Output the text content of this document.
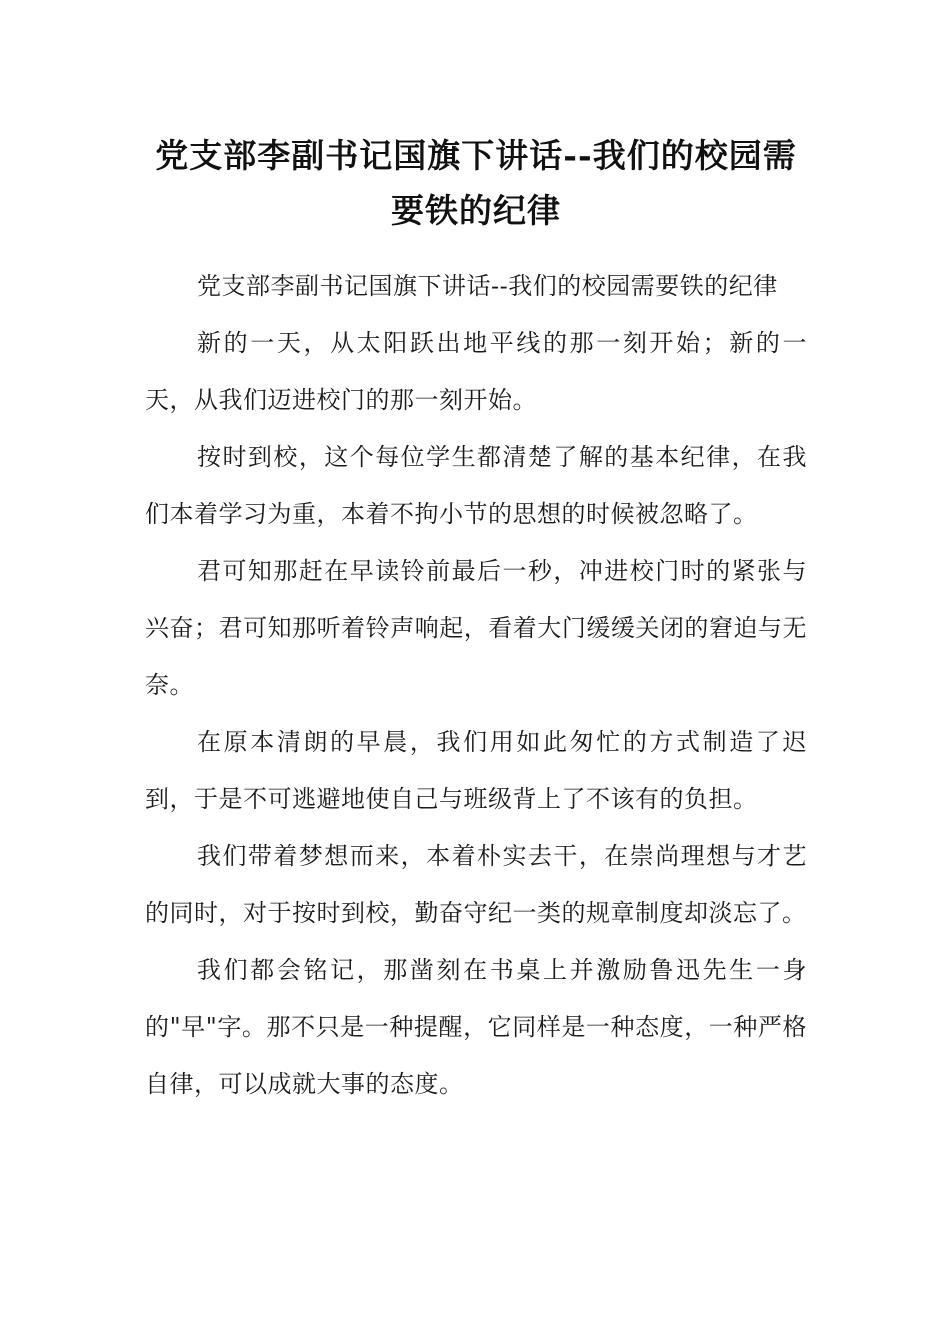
党支部李副书记国旗下讲话--我们的校园需要铁的纪律

党支部李副书记国旗下讲话--我们的校园需要铁的纪律

新的一天，从太阳跃出地平线的那一刻开始；新的一天，从我们迈进校门的那一刻开始。

按时到校，这个每位学生都清楚了解的基本纪律，在我们本着学习为重，本着不拘小节的思想的时候被忽略了。

君可知那赶在早读铃前最后一秒，冲进校门时的紧张与兴奋；君可知那听着铃声响起，看着大门缓缓关闭的窘迫与无奈。

在原本清朗的早晨，我们用如此匆忙的方式制造了迟到，于是不可逃避地使自己与班级背上了不该有的负担。

我们带着梦想而来，本着朴实去干，在崇尚理想与才艺的同时，对于按时到校，勤奋守纪一类的规章制度却淡忘了。

我们都会铭记，那凿刻在书桌上并激励鲁迅先生一身的"早"字。那不只是一种提醒，它同样是一种态度，一种严格自律，可以成就大事的态度。
